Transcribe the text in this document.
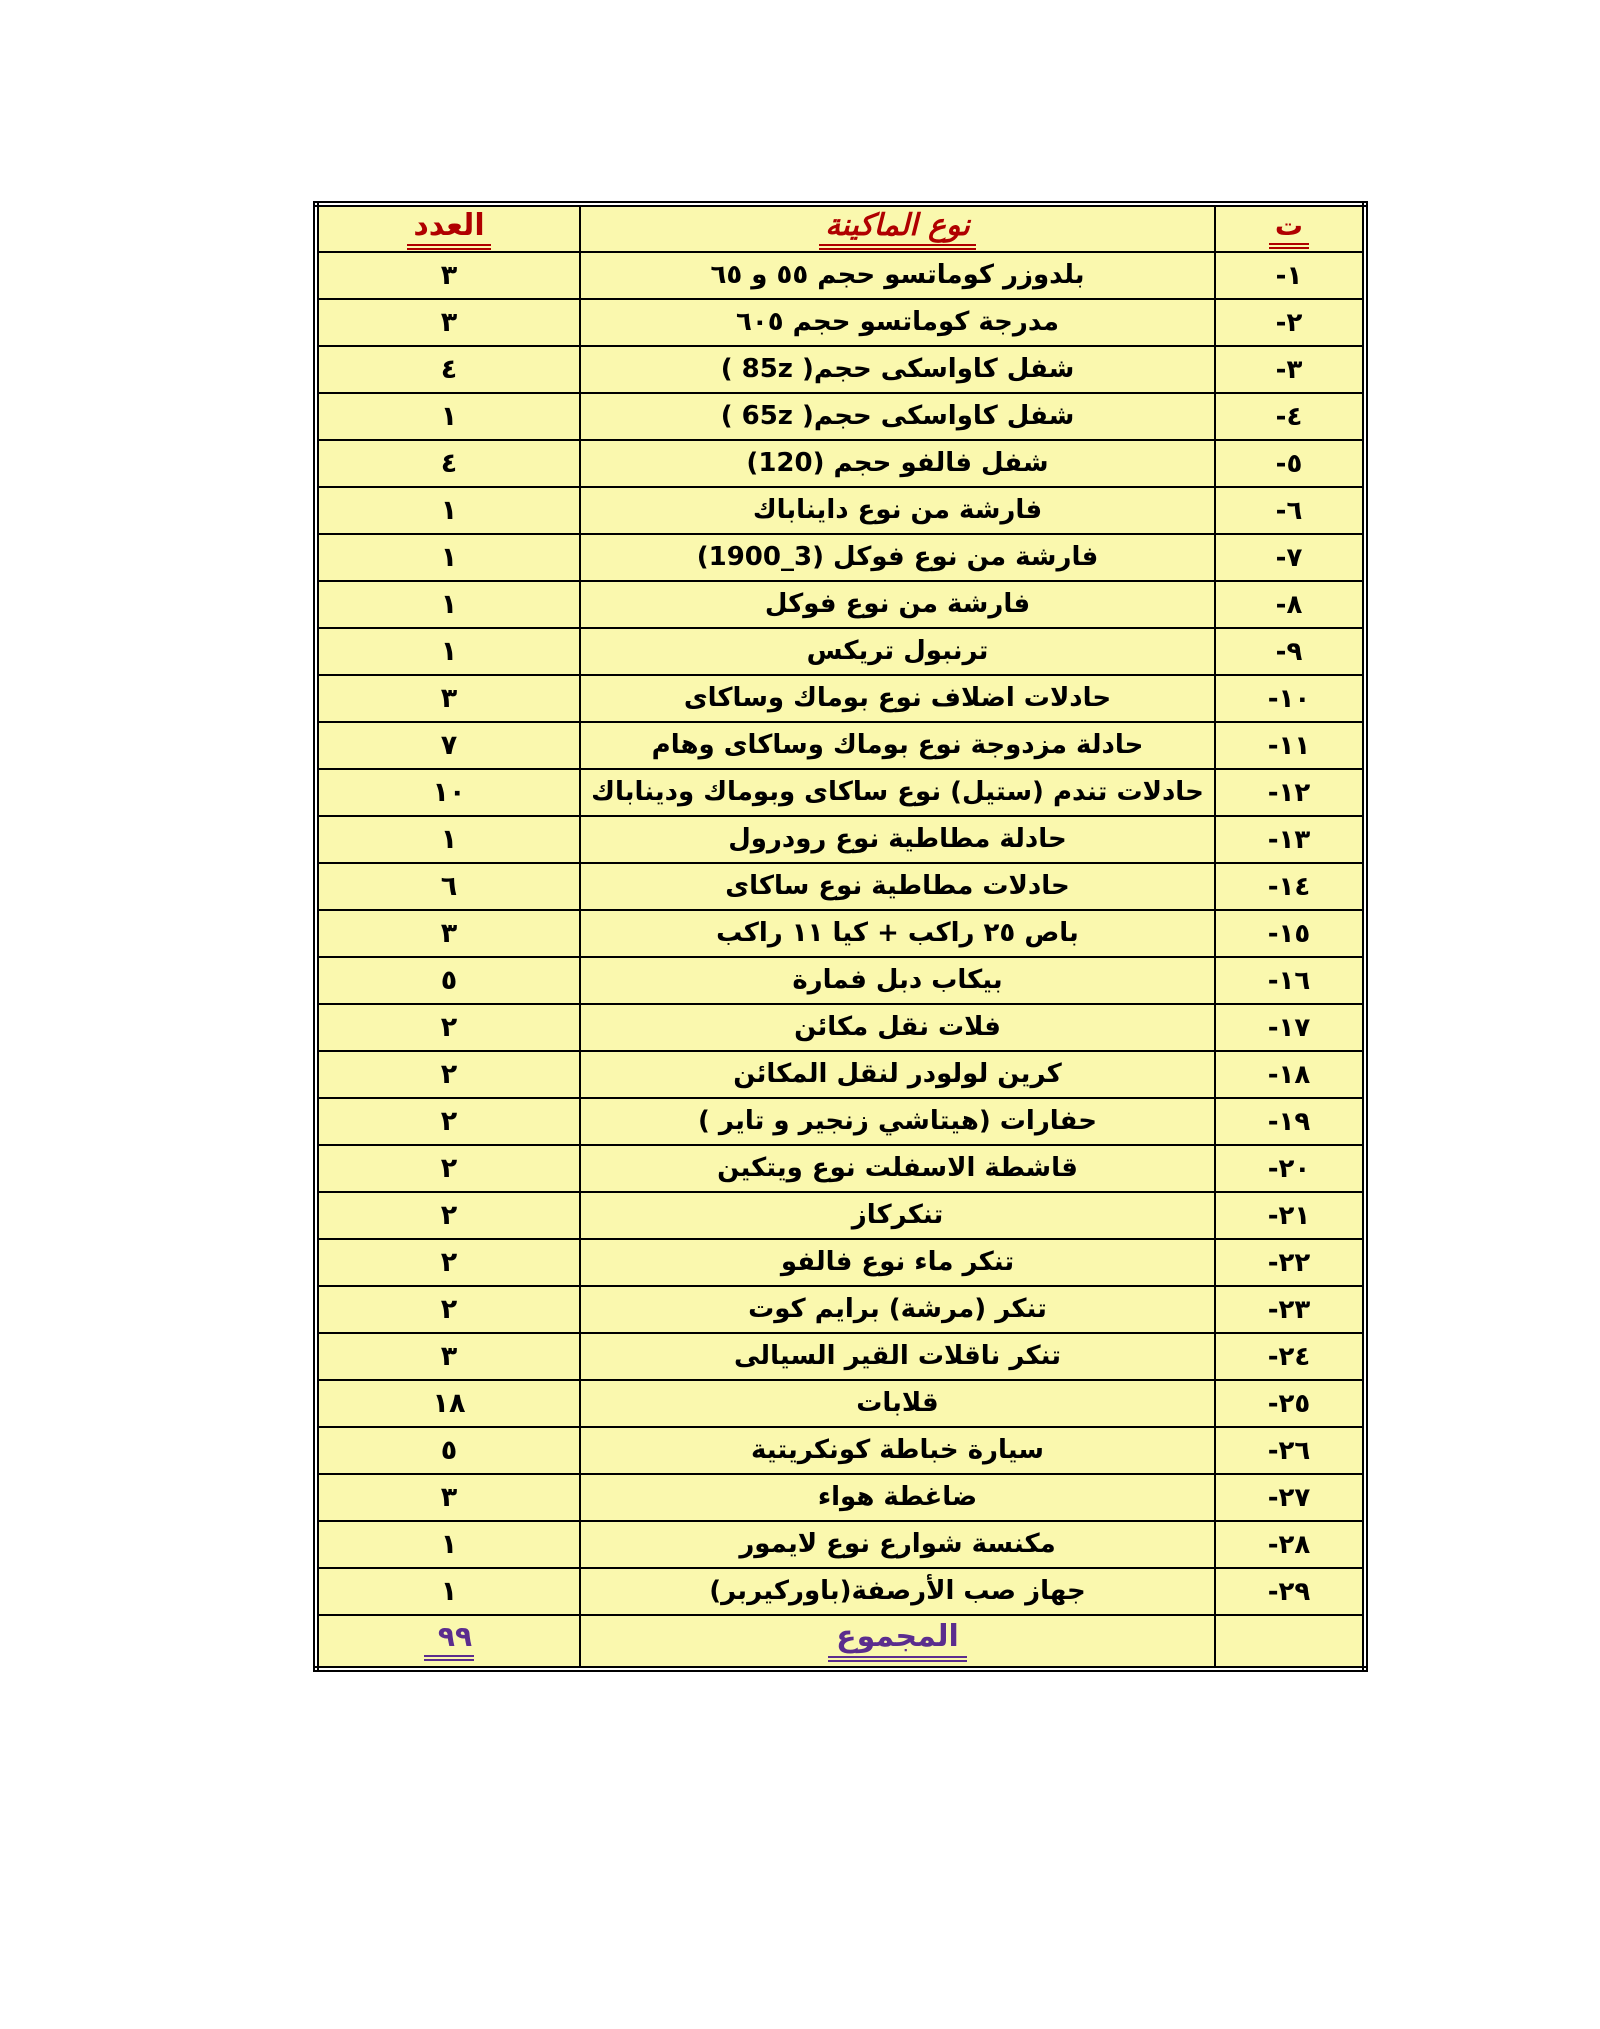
ت	نوع الماكينة	العدد
-١	بلدوزر كوماتسو حجم ٥٥ و ٦٥	٣
-٢	مدرجة كوماتسو حجم ٦٠٥	٣
-٣	شفل كاواسكى حجم( 85z )	٤
-٤	شفل كاواسكى حجم( 65z )	١
-٥	شفل فالفو حجم (120)	٤
-٦	فارشة من نوع دايناباك	١
-٧	فارشة من نوع فوكل (3_1900)	١
-٨	فارشة من نوع فوكل	١
-٩	ترنبول تريكس	١
-١٠	حادلات اضلاف نوع بوماك وساكاى	٣
-١١	حادلة مزدوجة نوع بوماك وساكاى وهام	٧
-١٢	حادلات تندم (ستيل) نوع ساكاى وبوماك وديناباك	١٠
-١٣	حادلة مطاطية نوع رودرول	١
-١٤	حادلات مطاطية نوع ساكاى	٦
-١٥	باص ٢٥ راكب + كيا ١١ راكب	٣
-١٦	بيكاب دبل فمارة	٥
-١٧	فلات نقل مكائن	٢
-١٨	كرين لولودر لنقل المكائن	٢
-١٩	حفارات (هيتاشي زنجير و تاير )	٢
-٢٠	قاشطة الاسفلت نوع ويتكين	٢
-٢١	تنكركاز	٢
-٢٢	تنكر ماء نوع فالفو	٢
-٢٣	تنكر (مرشة) برايم كوت	٢
-٢٤	تنكر ناقلات القير السيالى	٣
-٢٥	قلابات	١٨
-٢٦	سيارة خباطة كونكريتية	٥
-٢٧	ضاغطة هواء	٣
-٢٨	مكنسة شوارع نوع لايمور	١
-٢٩	جهاز صب الأرصفة(باوركيربر)	١
	المجموع	٩٩
